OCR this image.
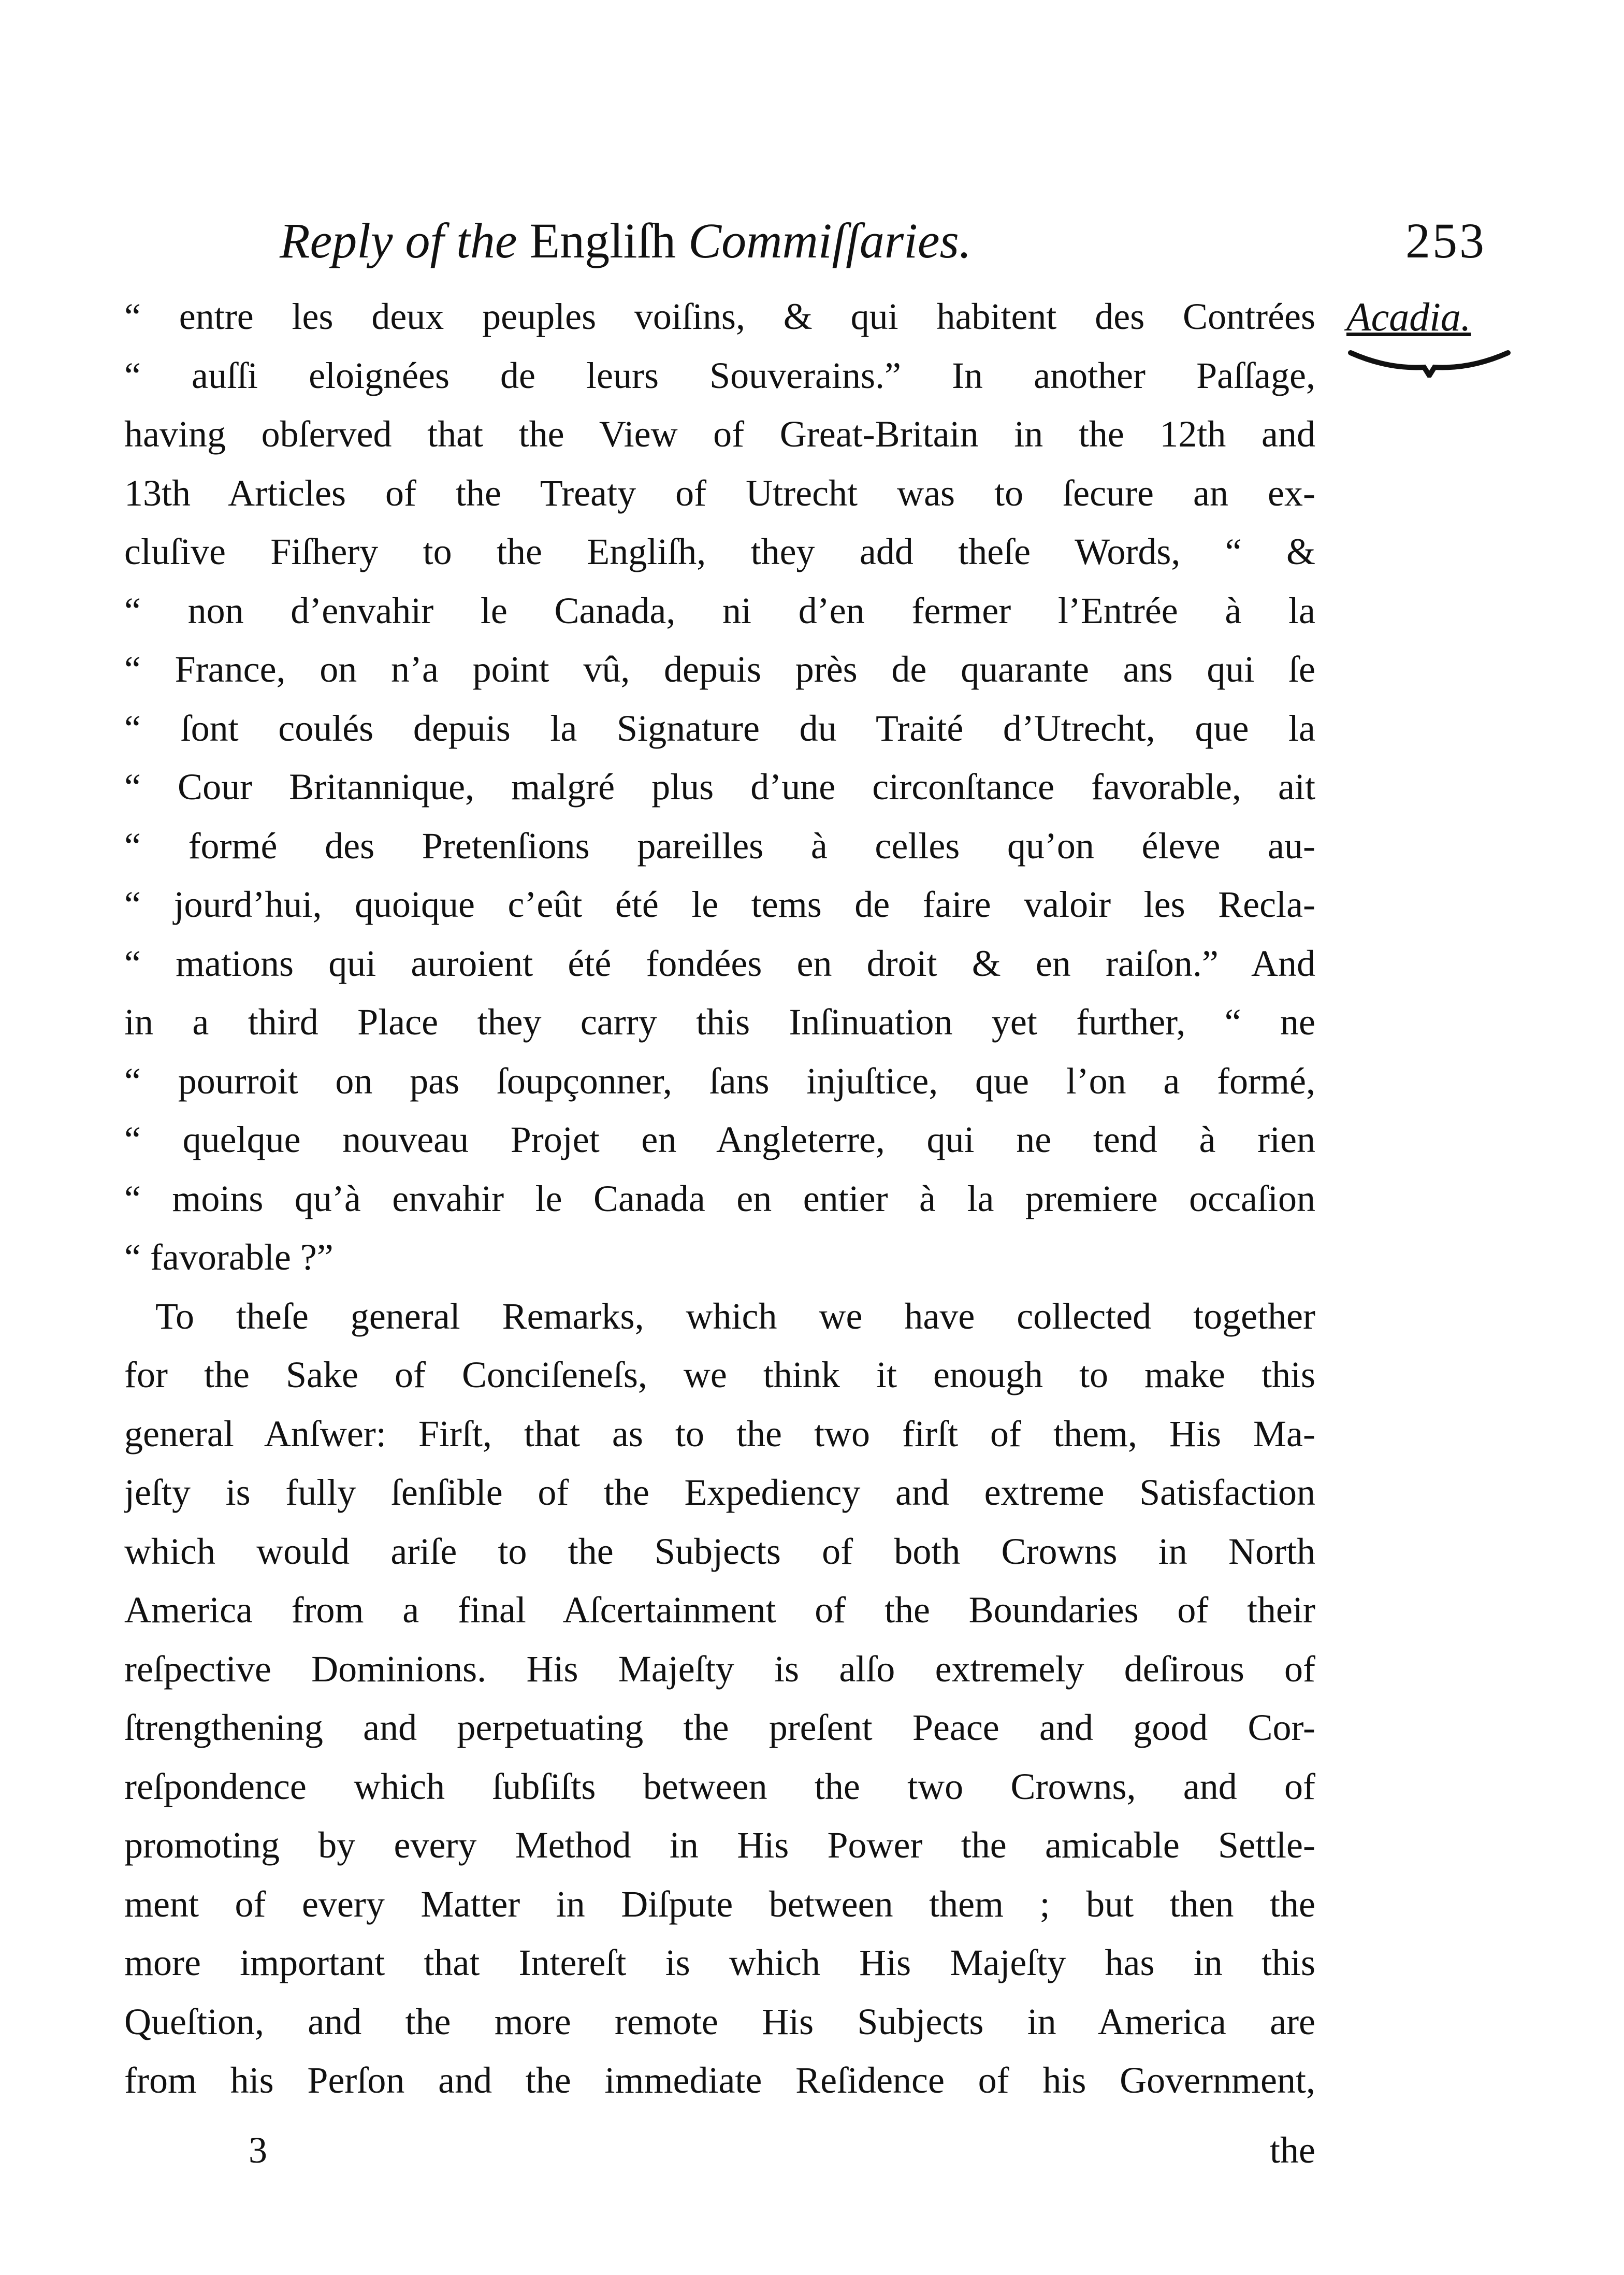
Reply of the Engliſh Commiſſaries.	253
Acadia.
“ entre les deux peuples voiſins, & qui habitent des Contrées
“ auſſi eloignées de leurs Souverains.” In another Paſſage,
having obſerved that the View of Great-Britain in the 12th and
13th Articles of the Treaty of Utrecht was to ſecure an ex-
cluſive Fiſhery to the Engliſh, they add theſe Words, “ &
“ non d’envahir le Canada, ni d’en fermer l’Entrée à la
“ France, on n’a point vû, depuis près de quarante ans qui ſe
“ ſont coulés depuis la Signature du Traité d’Utrecht, que la
“ Cour Britannique, malgré plus d’une circonſtance favorable, ait
“ formé des Pretenſions pareilles à celles qu’on éleve au-
“ jourd’hui, quoique c’eût été le tems de faire valoir les Recla-
“ mations qui auroient été fondées en droit & en raiſon.” And
in a third Place they carry this Inſinuation yet further, “ ne
“ pourroit on pas ſoupçonner, ſans injuſtice, que l’on a formé,
“ quelque nouveau Projet en Angleterre, qui ne tend à rien
“ moins qu’à envahir le Canada en entier à la premiere occaſion
“ favorable ?”
To theſe general Remarks, which we have collected together
for the Sake of Conciſeneſs, we think it enough to make this
general Anſwer: Firſt, that as to the two firſt of them, His Ma-
jeſty is fully ſenſible of the Expediency and extreme Satisfaction
which would ariſe to the Subjects of both Crowns in North
America from a final Aſcertainment of the Boundaries of their
reſpective Dominions. His Majeſty is alſo extremely deſirous of
ſtrengthening and perpetuating the preſent Peace and good Cor-
reſpondence which ſubſiſts between the two Crowns, and of
promoting by every Method in His Power the amicable Settle-
ment of every Matter in Diſpute between them ; but then the
more important that Intereſt is which His Majeſty has in this
Queſtion, and the more remote His Subjects in America are
from his Perſon and the immediate Reſidence of his Government,
3	the
